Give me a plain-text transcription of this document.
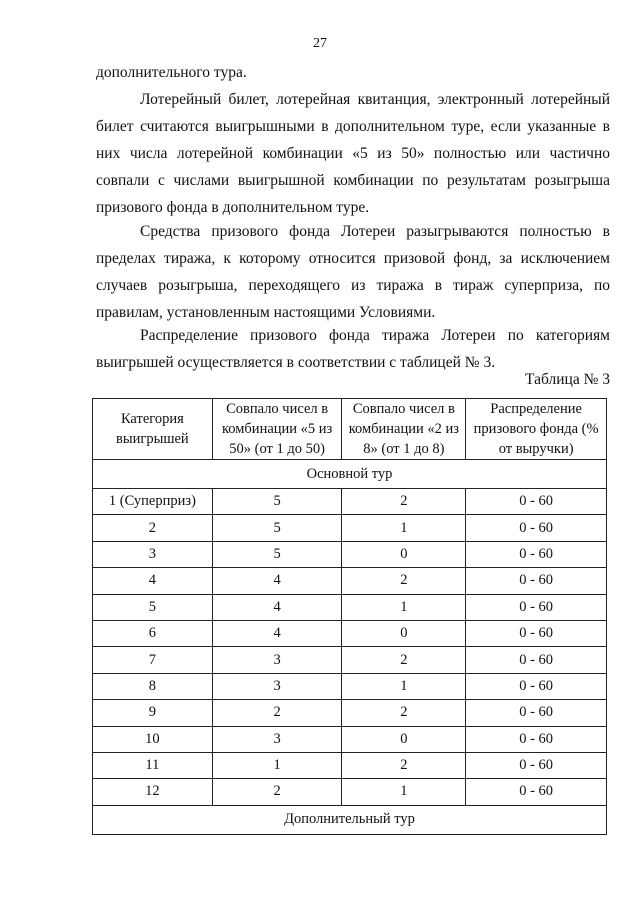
27

дополнительного тура.

Лотерейный билет, лотерейная квитанция, электронный лотерейный билет считаются выигрышными в дополнительном туре, если указанные в них числа лотерейной комбинации «5 из 50» полностью или частично совпали с числами выигрышной комбинации по результатам розыгрыша призового фонда в дополнительном туре.

Средства призового фонда Лотереи разыгрываются полностью в пределах тиража, к которому относится призовой фонд, за исключением случаев розыгрыша, переходящего из тиража в тираж суперприза, по правилам, установленным настоящими Условиями.

Распределение призового фонда тиража Лотереи по категориям выигрышей осуществляется в соответствии с таблицей № 3.

Таблица № 3
Категория выигрышей	Совпало чисел в комбинации «5 из 50» (от 1 до 50)	Совпало чисел в комбинации «2 из 8» (от 1 до 8)	Распределение призового фонда (% от выручки)
Основной тур			
1 (Суперприз)	5	2	0 - 60
2	5	1	0 - 60
3	5	0	0 - 60
4	4	2	0 - 60
5	4	1	0 - 60
6	4	0	0 - 60
7	3	2	0 - 60
8	3	1	0 - 60
9	2	2	0 - 60
10	3	0	0 - 60
11	1	2	0 - 60
12	2	1	0 - 60
Дополнительный тур			
